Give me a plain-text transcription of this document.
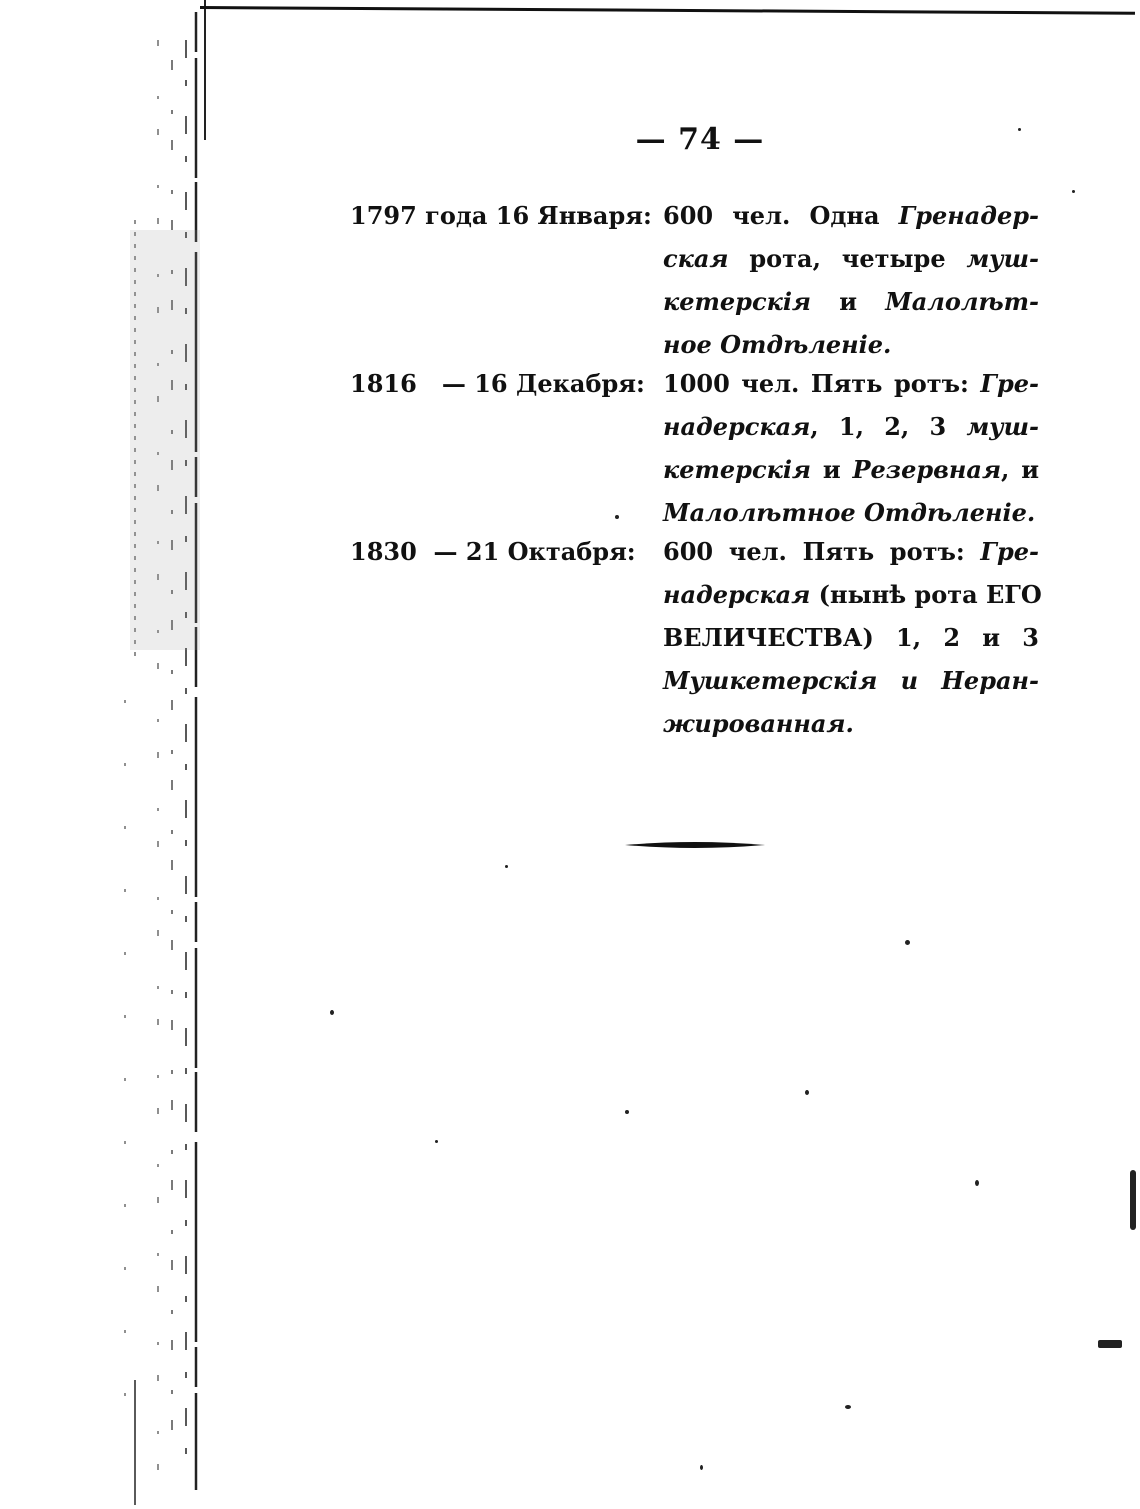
— 74 —
1797 года 16 Января: 600 чел. Одна Гренадер-
ская рота, четыре муш-
кетерскія и Малолѣт-
ное Отдѣленіе.
1816   — 16 Декабря: 1000 чел. Пять ротъ: Гре-
надерская, 1, 2, 3 муш-
кетерскія и Резервная, и
Малолѣтное Отдѣленіе.
1830  — 21 Октабря:	600 чел. Пять ротъ: Гре-
надерская (нынѣ рота ЕГО
ВЕЛИЧЕСТВА) 1, 2 и 3
Мушкетерскія и Неран-
жированная.
